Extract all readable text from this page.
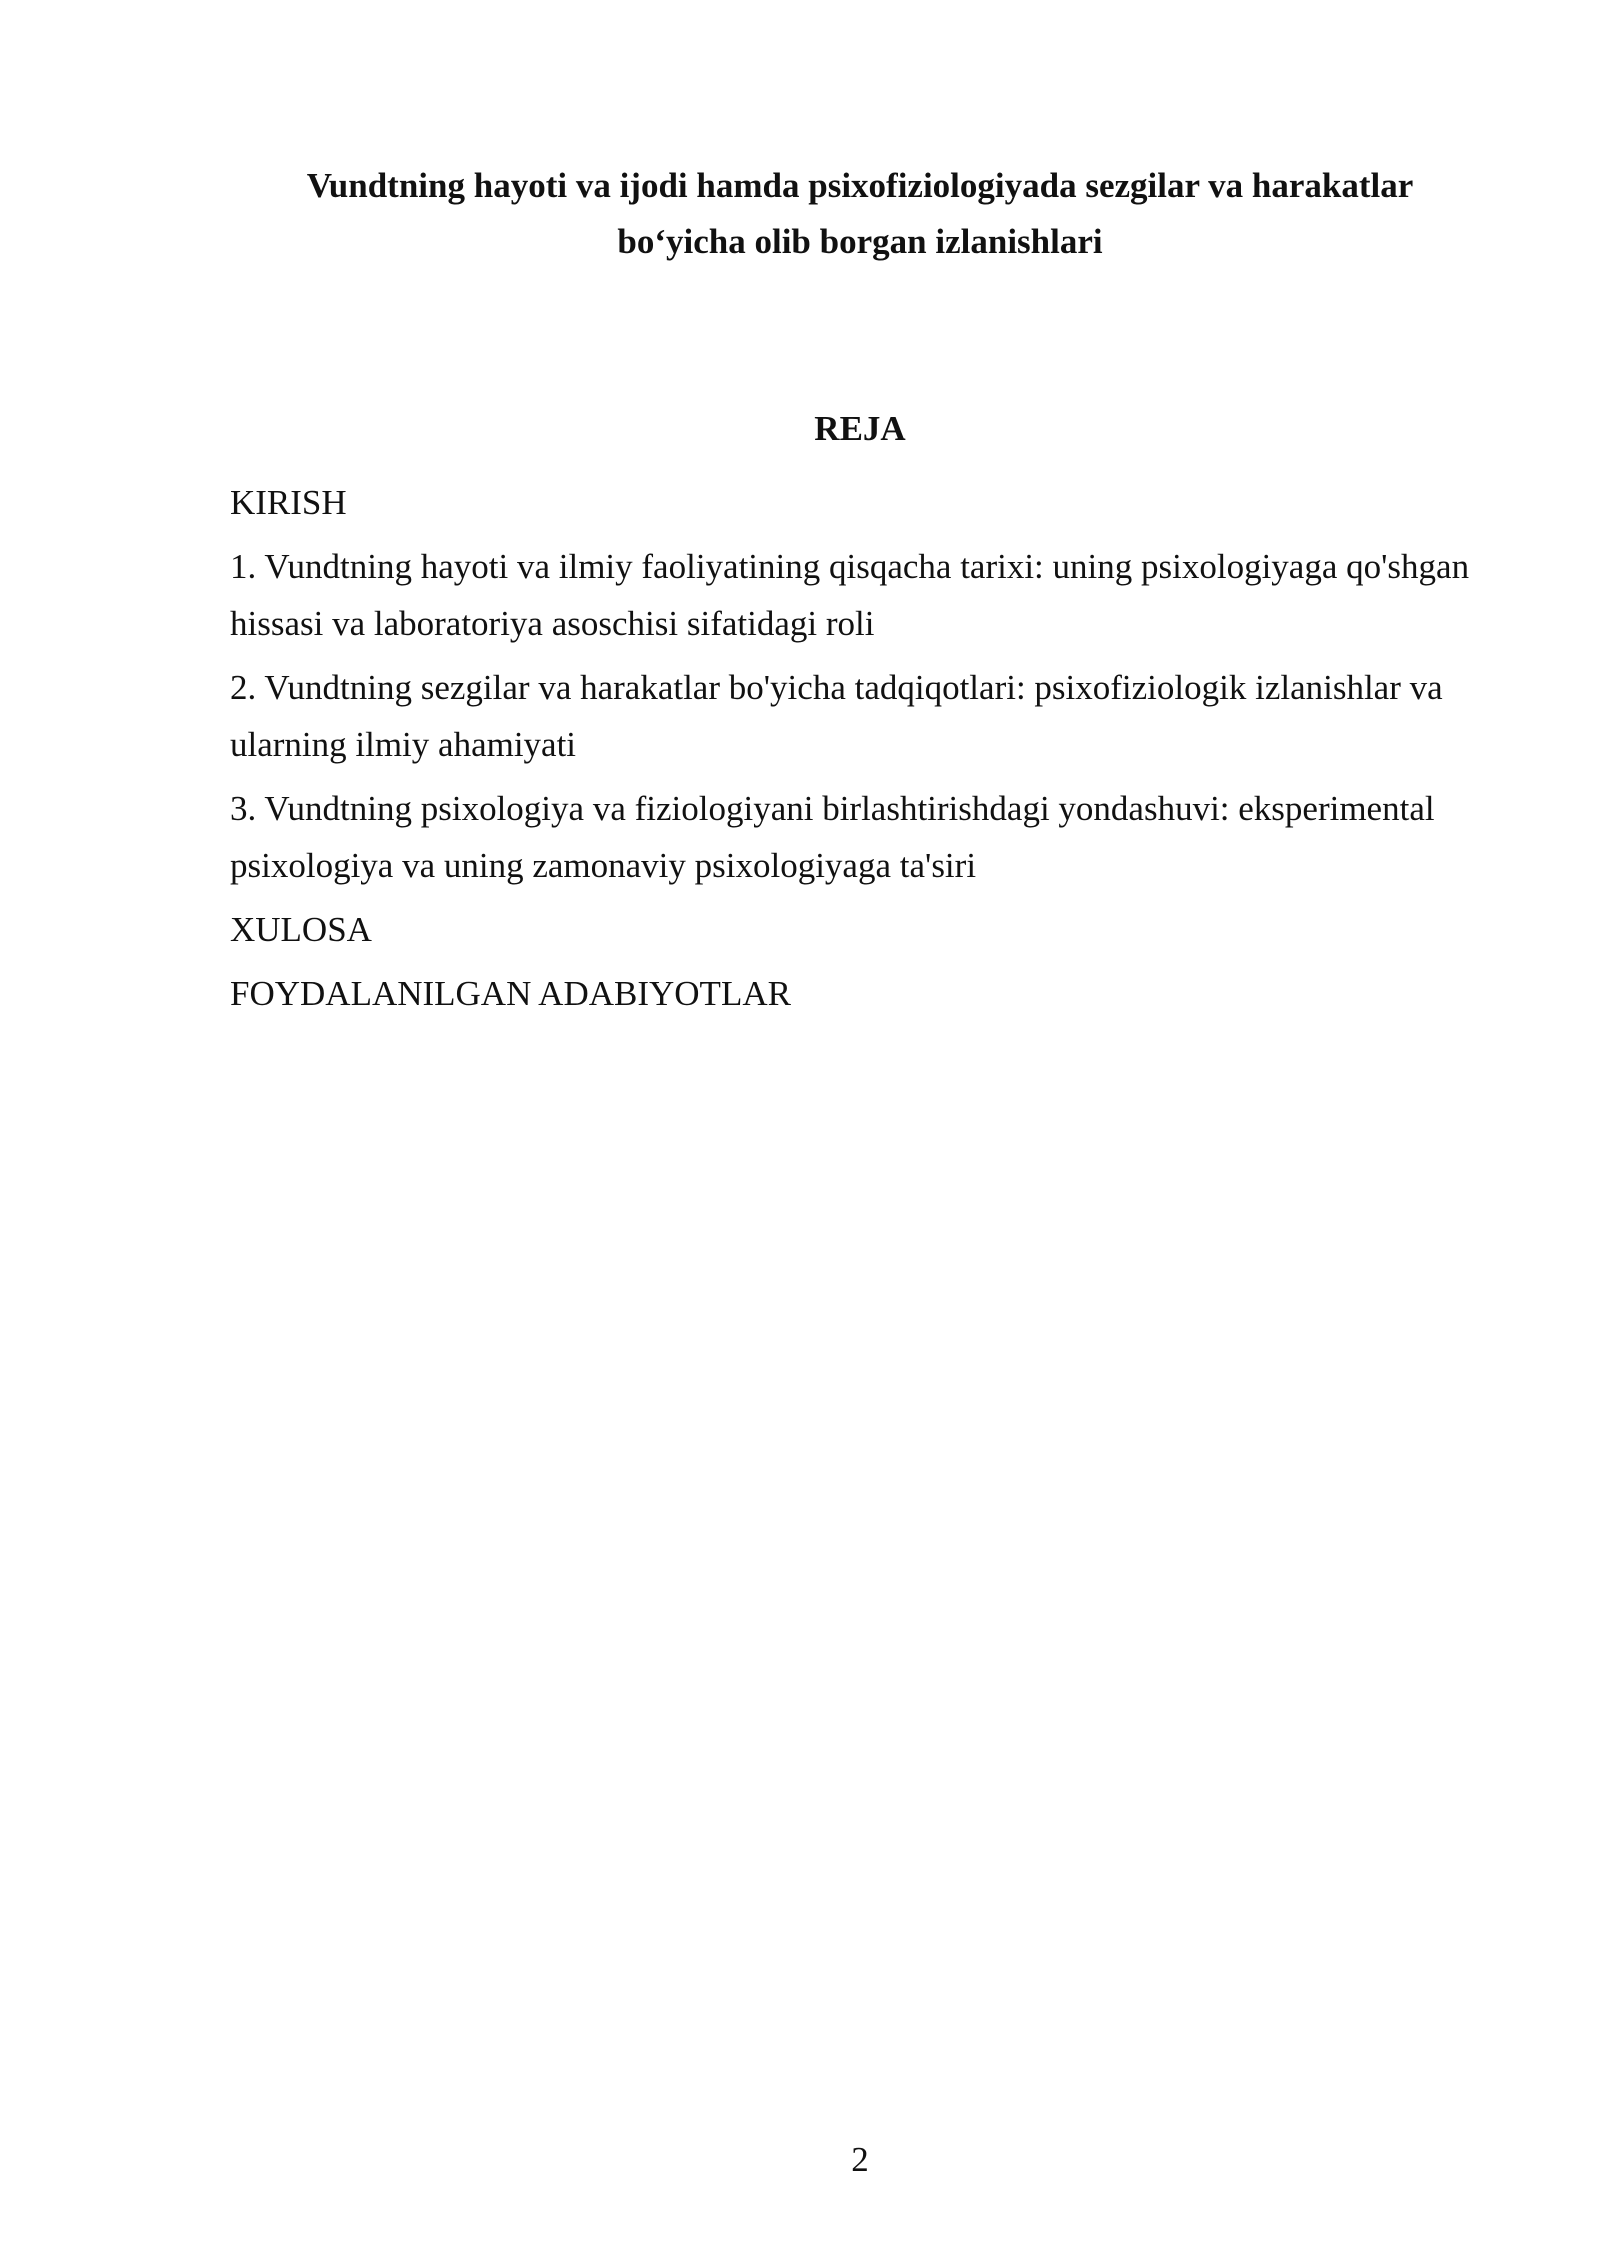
Vundtning hayoti va ijodi hamda psixofiziologiyada sezgilar va harakatlar
bo‘yicha olib borgan izlanishlari
REJA
KIRISH
1. Vundtning hayoti va ilmiy faoliyatining qisqacha tarixi: uning psixologiyaga qo'shgan hissasi va laboratoriya asoschisi sifatidagi roli
2. Vundtning sezgilar va harakatlar bo'yicha tadqiqotlari: psixofiziologik izlanishlar va ularning ilmiy ahamiyati
3. Vundtning psixologiya va fiziologiyani birlashtirishdagi yondashuvi: eksperimental psixologiya va uning zamonaviy psixologiyaga ta'siri
XULOSA
FOYDALANILGAN ADABIYOTLAR
2
